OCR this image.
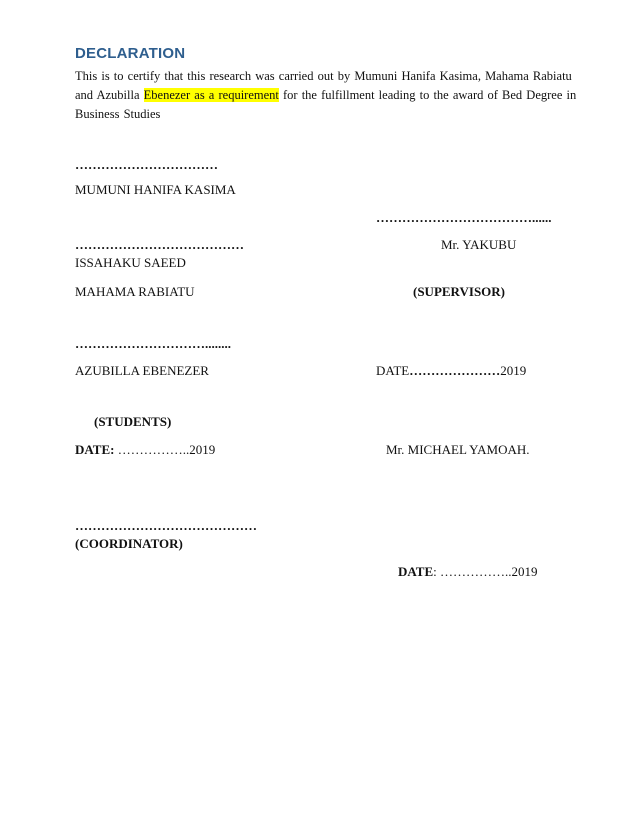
DECLARATION
This is to certify that this research was carried out by Mumuni Hanifa Kasima, Mahama Rabiatu
and Azubilla Ebenezer as a requirement for the fulfillment leading to the award of Bed Degree in
Business Studies
……………………………
MUMUNI HANIFA KASIMA
………………………………......
…………………………………	Mr. YAKUBU
ISSAHAKU SAEED
MAHAMA RABIATU	(SUPERVISOR)
…………………………........
AZUBILLA EBENEZER	DATE…………………2019
(STUDENTS)
DATE: ……………..2019	Mr. MICHAEL YAMOAH.
……………………………………
(COORDINATOR)
DATE: ……………..2019
